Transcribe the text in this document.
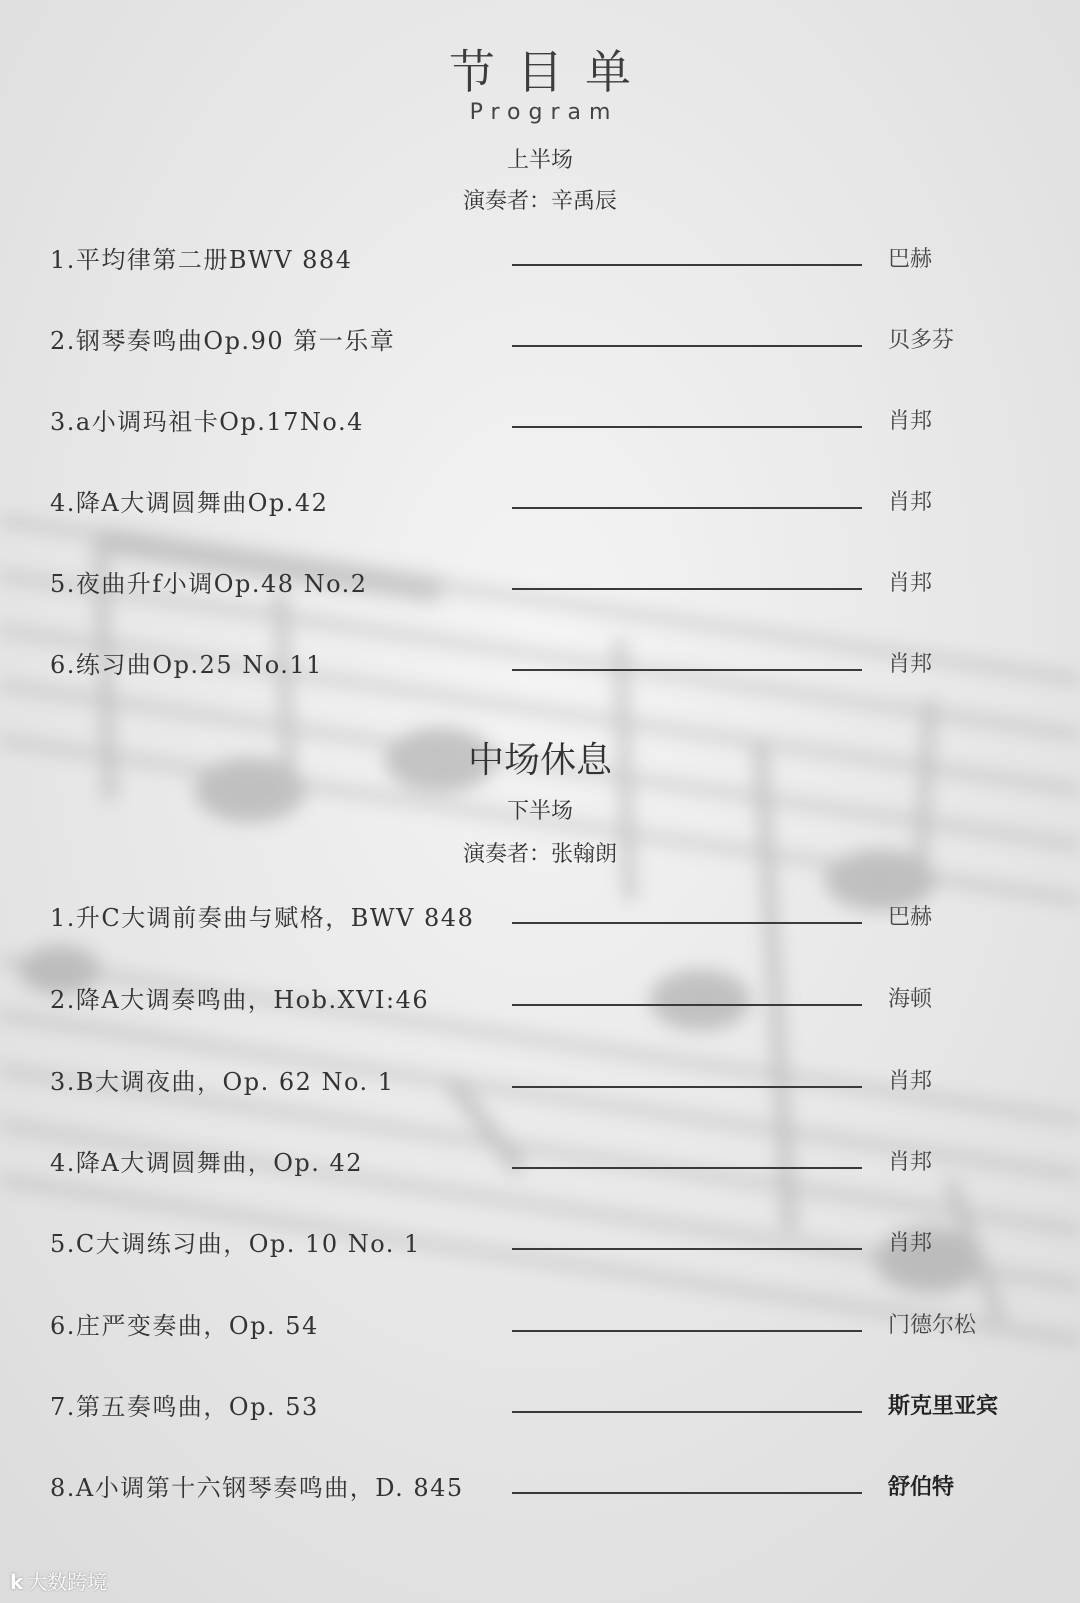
节目单
Program
上半场
演奏者：辛禹辰
1.平均律第二册BWV 884	巴赫
2.钢琴奏鸣曲Op.90 第一乐章	贝多芬
3.a小调玛祖卡Op.17No.4	肖邦
4.降A大调圆舞曲Op.42	肖邦
5.夜曲升f小调Op.48 No.2	肖邦
6.练习曲Op.25 No.11	肖邦
中场休息
下半场
演奏者：张翰朗
1.升C大调前奏曲与赋格，BWV 848	巴赫
2.降A大调奏鸣曲，Hob.XVI:46	海顿
3.B大调夜曲，Op. 62 No. 1	肖邦
4.降A大调圆舞曲，Op. 42	肖邦
5.C大调练习曲，Op. 10 No. 1	肖邦
6.庄严变奏曲，Op. 54	门德尔松
7.第五奏鸣曲，Op. 53	斯克里亚宾
8.A小调第十六钢琴奏鸣曲，D. 845	舒伯特
k 大数跨境
